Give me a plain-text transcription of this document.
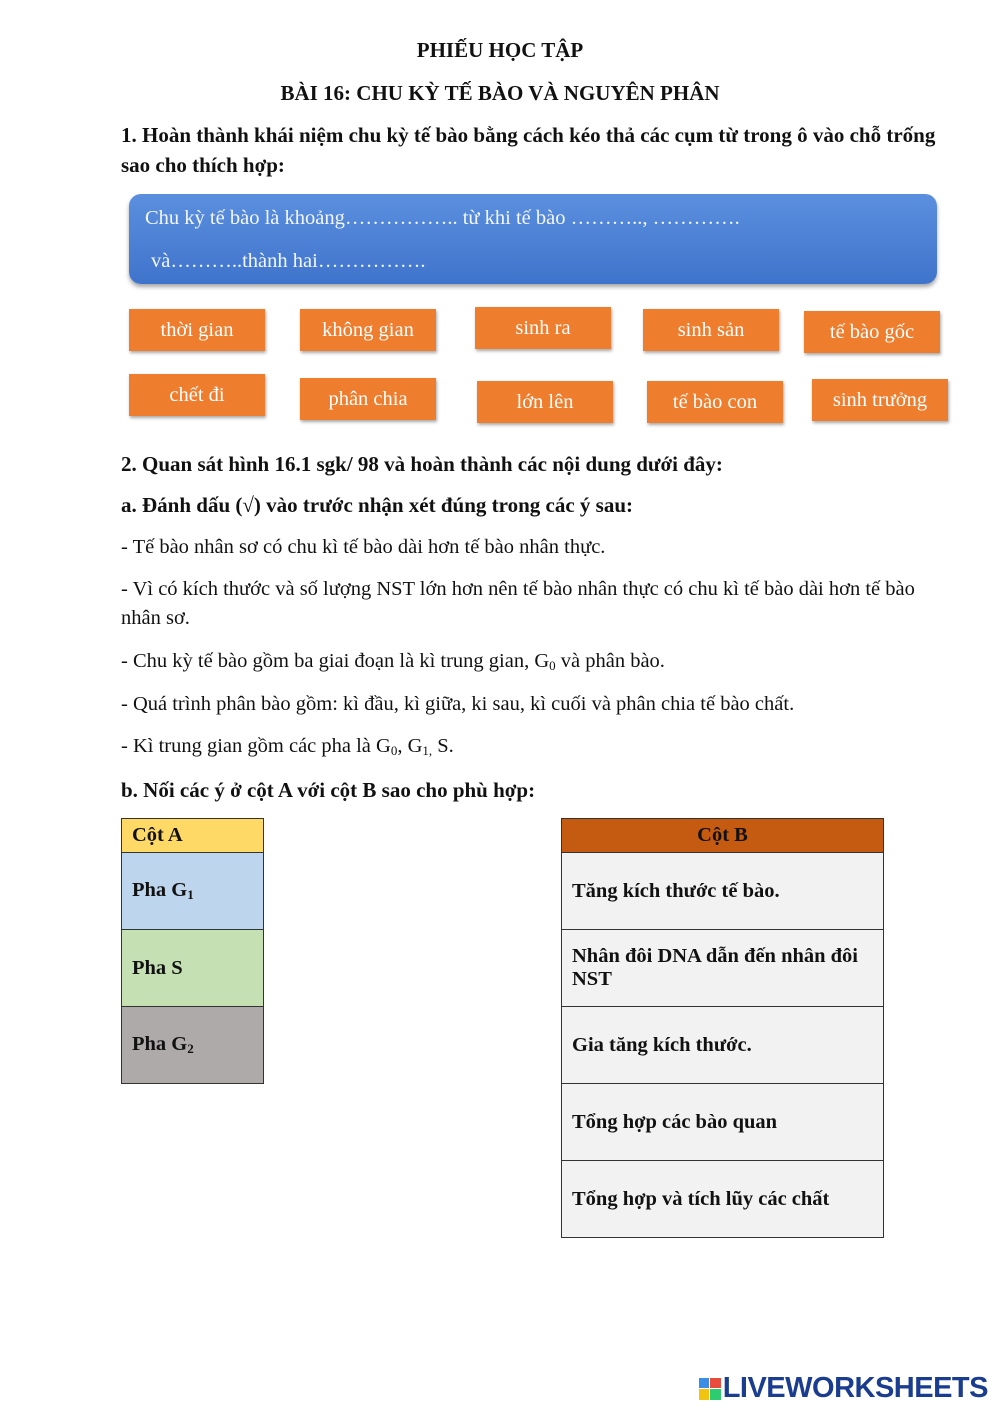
PHIẾU HỌC TẬP
BÀI 16: CHU KỲ TẾ BÀO VÀ NGUYÊN PHÂN
1. Hoàn thành khái niệm chu kỳ tế bào bằng cách kéo thả các cụm từ trong ô vào chỗ trống sao cho thích hợp:
Chu kỳ tế bào là khoảng…………….. từ khi tế bào ……….., ………….
và………..thành hai…………….
thời gian	không gian	sinh ra	sinh sản	tế bào gốc
chết đi	phân chia	lớn lên	tế bào con	sinh trưởng
2. Quan sát hình 16.1 sgk/ 98 và hoàn thành các nội dung dưới đây:
a. Đánh dấu (√) vào trước nhận xét đúng trong các ý sau:
- Tế bào nhân sơ có chu kì tế bào dài hơn tế bào nhân thực.
- Vì có kích thước và số lượng NST lớn hơn nên tế bào nhân thực có chu kì tế bào dài hơn tế bào nhân sơ.
- Chu kỳ tế bào gồm ba giai đoạn là kì trung gian, $G_0$ và phân bào.
- Quá trình phân bào gồm: kì đầu, kì giữa, ki sau, kì cuối và phân chia tế bào chất.
- Kì trung gian gồm các pha là $G_0$, $G_{1,}$ S.
b. Nối các ý ở cột A với cột B sao cho phù hợp:
Cột A
Pha $G_1$
Pha S
Pha $G_2$
Cột B
Tăng kích thước tế bào.
Nhân đôi DNA dẫn đến nhân đôi NST
Gia tăng kích thước.
Tổng hợp các bào quan
Tổng hợp và tích lũy các chất
LIVEWORKSHEETS
